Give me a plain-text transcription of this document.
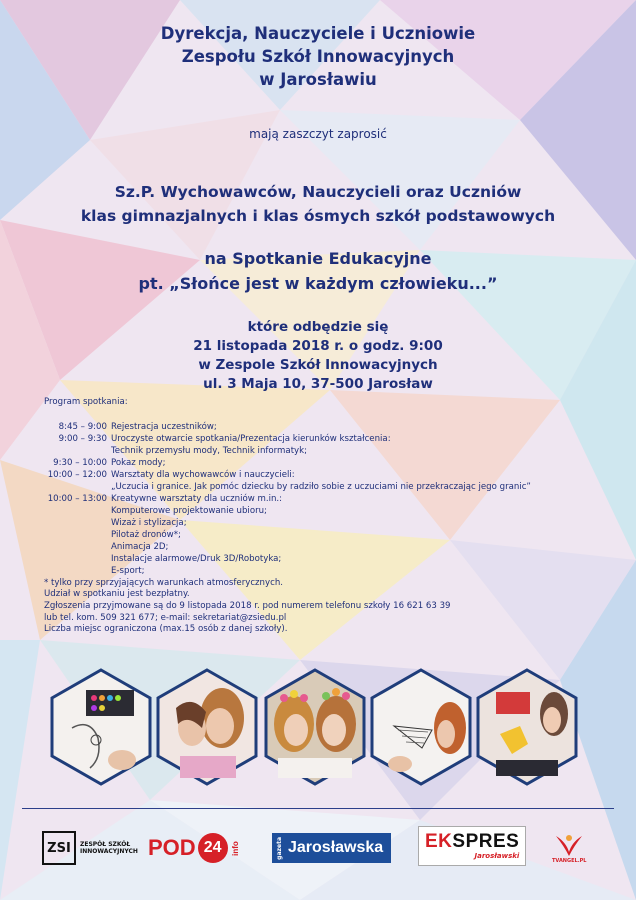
Dyrekcja, Nauczyciele i Uczniowie
Zespołu Szkół Innowacyjnych
w Jarosławiu
mają zaszczyt zaprosić
Sz.P. Wychowawców, Nauczycieli oraz Uczniów
klas gimnazjalnych i klas ósmych szkół podstawowych
na Spotkanie Edukacyjne
pt. „Słońce jest w każdym człowieku...”
które odbędzie się
21 listopada 2018 r. o godz. 9:00
w Zespole Szkół Innowacyjnych
ul. 3 Maja 10, 37-500 Jarosław
Program spotkania:
8:45 – 9:00 Rejestracja uczestników;
9:00 – 9:30 Uroczyste otwarcie spotkania/Prezentacja kierunków kształcenia:
Technik przemysłu mody, Technik informatyk;
9:30 – 10:00 Pokaz mody;
10:00 – 12:00 Warsztaty dla wychowawców i nauczycieli:
„Uczucia i granice. Jak pomóc dziecku by radziło sobie z uczuciami nie przekraczając jego granic”
10:00 – 13:00 Kreatywne warsztaty dla uczniów m.in.:
Komputerowe projektowanie ubioru;
Wizaż i stylizacja;
Pilotaż dronów*;
Animacja 2D;
Instalacje alarmowe/Druk 3D/Robotyka;
E-sport;
* tylko przy sprzyjających warunkach atmosferycznych.
Udział w spotkaniu jest bezpłatny.
Zgłoszenia przyjmowane są do 9 listopada 2018 r. pod numerem telefonu szkoły 16 621 63 39
lub tel. kom. 509 321 677; e-mail: sekretariat@zsiedu.pl
Liczba miejsc ograniczona (max.15 osób z danej szkoły).
ZSI	ZESPÓŁ SZKÓŁ INNOWACYJNYCH POD 24	info	gazeta Jarosławska EKSPRES
Jarosławski
TVANGEL.PL
